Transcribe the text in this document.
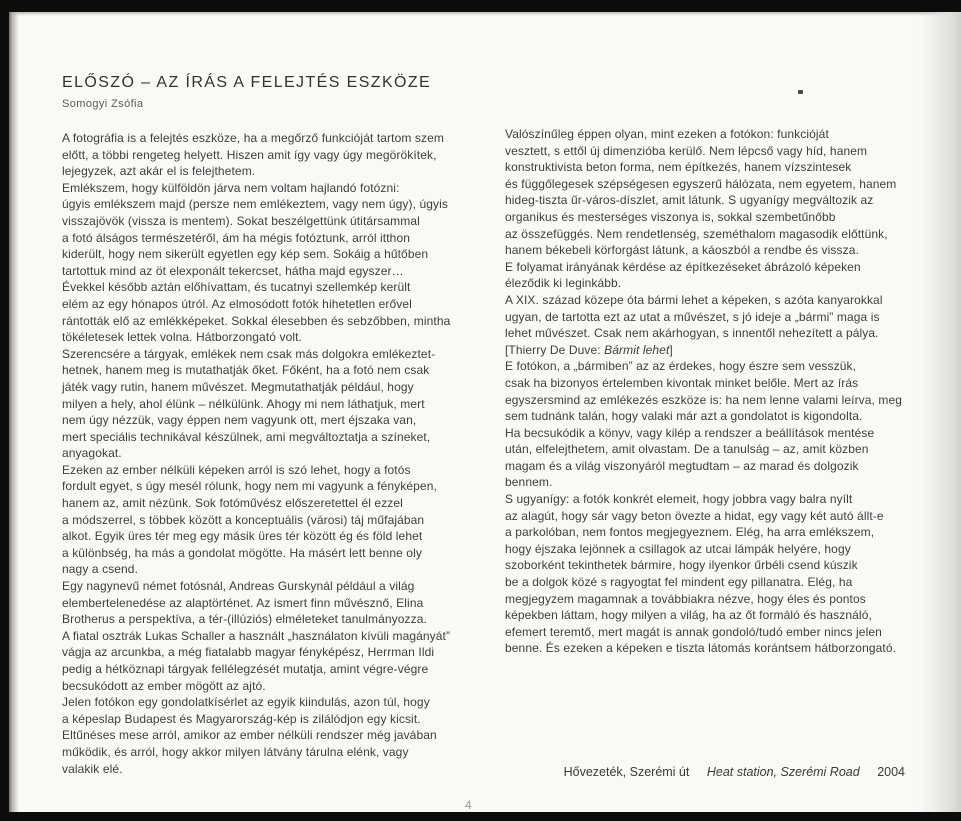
ELŐSZÓ – AZ ÍRÁS A FELEJTÉS ESZKÖZE
Somogyi Zsófia
A fotográfia is a felejtés eszköze, ha a megőrző funkcióját tartom szem
előtt, a többi rengeteg helyett. Hiszen amit így vagy úgy megörökítek,
lejegyzek, azt akár el is felejthetem.
Emlékszem, hogy külföldön járva nem voltam hajlandó fotózni:
úgyis emlékszem majd (persze nem emlékeztem, vagy nem úgy), úgyis
visszajövök (vissza is mentem). Sokat beszélgettünk útitársammal
a fotó álságos természetéről, ám ha mégis fotóztunk, arról itthon
kiderült, hogy nem sikerült egyetlen egy kép sem. Sokáig a hűtőben
tartottuk mind az öt elexponált tekercset, hátha majd egyszer…
Évekkel később aztán előhívattam, és tucatnyi szellemkép került
elém az egy hónapos útról. Az elmosódott fotók hihetetlen erővel
rántották elő az emlékképeket. Sokkal élesebben és sebzőbben, mintha
tökéletesek lettek volna. Hátborzongató volt.
Szerencsére a tárgyak, emlékek nem csak más dolgokra emlékeztet-
hetnek, hanem meg is mutathatják őket. Főként, ha a fotó nem csak
játék vagy rutin, hanem művészet. Megmutathatják például, hogy
milyen a hely, ahol élünk – nélkülünk. Ahogy mi nem láthatjuk, mert
nem úgy nézzük, vagy éppen nem vagyunk ott, mert éjszaka van,
mert speciális technikával készülnek, ami megváltoztatja a színeket,
anyagokat.
Ezeken az ember nélküli képeken arról is szó lehet, hogy a fotós
fordult egyet, s úgy mesél rólunk, hogy nem mi vagyunk a fényképen,
hanem az, amit nézünk. Sok fotóművész előszeretettel él ezzel
a módszerrel, s többek között a konceptuális (városi) táj műfajában
alkot. Egyik üres tér meg egy másik üres tér között ég és föld lehet
a különbség, ha más a gondolat mögötte. Ha másért lett benne oly
nagy a csend.
Egy nagynevű német fotósnál, Andreas Gurskynál például a világ
elembertelenedése az alaptörténet. Az ismert finn művésznő, Elina
Brotherus a perspektíva, a tér-(illúziós) elméleteket tanulmányozza.
A fiatal osztrák Lukas Schaller a használt „használaton kívüli magányát”
vágja az arcunkba, a még fiatalabb magyar fényképész, Herrman Ildi
pedig a hétköznapi tárgyak fellélegzését mutatja, amint végre-végre
becsukódott az ember mögött az ajtó.
Jelen fotókon egy gondolatkísérlet az egyik kiindulás, azon túl, hogy
a képeslap Budapest és Magyarország-kép is zilálódjon egy kicsit.
Eltűnéses mese arról, amikor az ember nélküli rendszer még javában
működik, és arról, hogy akkor milyen látvány tárulna elénk, vagy
valakik elé.
Valószínűleg éppen olyan, mint ezeken a fotókon: funkcióját
vesztett, s ettől új dimenzióba kerülő. Nem lépcső vagy híd, hanem
konstruktivista beton forma, nem építkezés, hanem vízszintesek
és függőlegesek szépségesen egyszerű hálózata, nem egyetem, hanem
hideg-tiszta űr-város-díszlet, amit látunk. S ugyanígy megváltozik az
organikus és mesterséges viszonya is, sokkal szembetűnőbb
az összefüggés. Nem rendetlenség, szeméthalom magasodik előttünk,
hanem békebeli körforgást látunk, a káoszból a rendbe és vissza.
E folyamat irányának kérdése az építkezéseket ábrázoló képeken
éleződik ki leginkább.
A XIX. század közepe óta bármi lehet a képeken, s azóta kanyarokkal
ugyan, de tartotta ezt az utat a művészet, s jó ideje a „bármi” maga is
lehet művészet. Csak nem akárhogyan, s innentől nehezített a pálya.
[Thierry De Duve: Bármit lehet]
E fotókon, a „bármiben” az az érdekes, hogy észre sem vesszük,
csak ha bizonyos értelemben kivontak minket belőle. Mert az írás
egyszersmind az emlékezés eszköze is: ha nem lenne valami leírva, meg
sem tudnánk talán, hogy valaki már azt a gondolatot is kigondolta.
Ha becsukódik a könyv, vagy kilép a rendszer a beállítások mentése
után, elfelejthetem, amit olvastam. De a tanulság – az, amit közben
magam és a világ viszonyáról megtudtam – az marad és dolgozik
bennem.
S ugyanígy: a fotók konkrét elemeit, hogy jobbra vagy balra nyílt
az alagút, hogy sár vagy beton övezte a hidat, egy vagy két autó állt-e
a parkolóban, nem fontos megjegyeznem. Elég, ha arra emlékszem,
hogy éjszaka lejönnek a csillagok az utcai lámpák helyére, hogy
szoborként tekinthetek bármire, hogy ilyenkor űrbéli csend kúszik
be a dolgok közé s ragyogtat fel mindent egy pillanatra. Elég, ha
megjegyzem magamnak a továbbiakra nézve, hogy éles és pontos
képekben láttam, hogy milyen a világ, ha az őt formáló és használó,
efemert teremtő, mert magát is annak gondoló/tudó ember nincs jelen
benne. És ezeken a képeken e tiszta látomás korántsem hátborzongató.
Hővezeték, Szerémi út Heat station, Szerémi Road 2004
4
